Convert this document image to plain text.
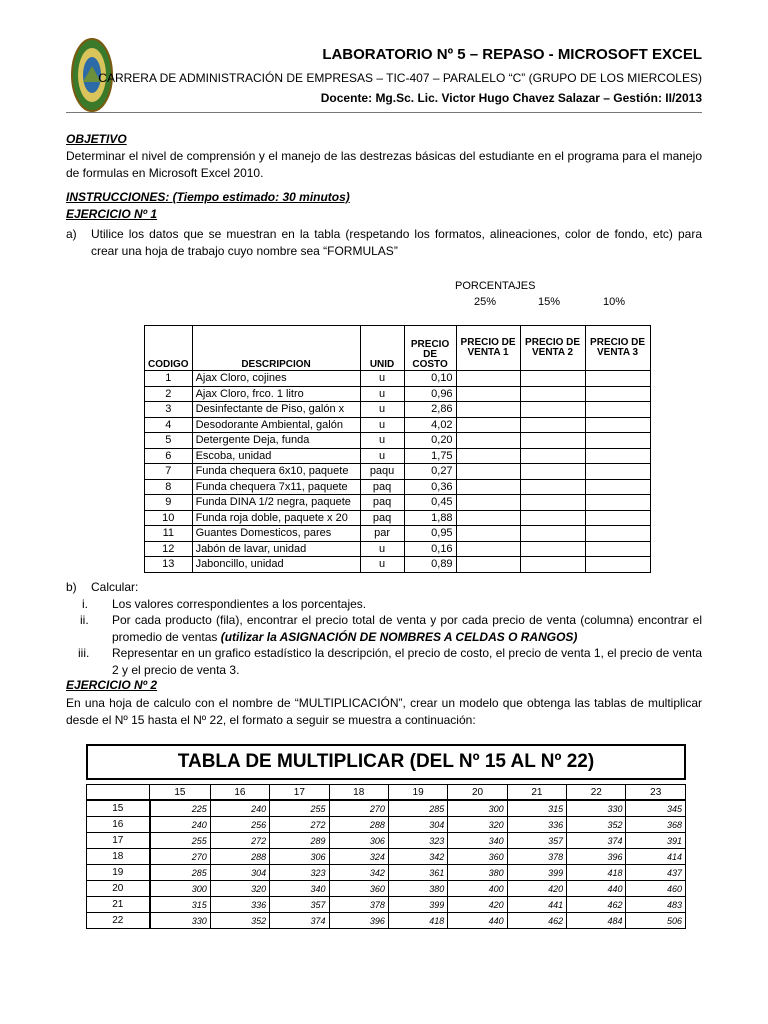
LABORATORIO Nº 5 – REPASO - MICROSOFT EXCEL
CARRERA DE ADMINISTRACIÓN DE EMPRESAS – TIC-407 – PARALELO “C” (GRUPO DE LOS MIERCOLES)
Docente: Mg.Sc. Lic. Victor Hugo Chavez Salazar – Gestión: II/2013
OBJETIVO
Determinar el nivel de comprensión y el manejo de las destrezas básicas del estudiante en el programa para el manejo de formulas en Microsoft Excel 2010.
INSTRUCCIONES: (Tiempo estimado: 30 minutos)
EJERCICIO Nº 1
a) Utilice los datos que se muestran en la tabla (respetando los formatos, alineaciones, color de fondo, etc) para crear una hoja de trabajo cuyo nombre sea “FORMULAS”
PORCENTAJES
25%	15%	10%
CODIGO	DESCRIPCION	UNID	PRECIO DE COSTO	PRECIO DE VENTA 1	PRECIO DE VENTA 2	PRECIO DE VENTA 3
1	Ajax Cloro, cojines	u	0,10			
2	Ajax Cloro, frco. 1 litro	u	0,96			
3	Desinfectante de Piso, galón x	u	2,86			
4	Desodorante Ambiental, galón	u	4,02			
5	Detergente Deja, funda	u	0,20			
6	Escoba, unidad	u	1,75			
7	Funda chequera 6x10, paquete	paqu	0,27			
8	Funda chequera 7x11, paquete	paq	0,36			
9	Funda DINA 1/2 negra, paquete	paq	0,45			
10	Funda roja doble, paquete x 20	paq	1,88			
11	Guantes Domesticos, pares	par	0,95			
12	Jabón de lavar, unidad	u	0,16			
13	Jaboncillo, unidad	u	0,89			
b) Calcular:
i. Los valores correspondientes a los porcentajes.
ii. Por cada producto (fila), encontrar el precio total de venta y por cada precio de venta (columna) encontrar el promedio de ventas (utilizar la ASIGNACIÓN DE NOMBRES A CELDAS O RANGOS)
iii. Representar en un grafico estadístico la descripción, el precio de costo, el precio de venta 1, el precio de venta 2 y el precio de venta 3.
EJERCICIO Nº 2
En una hoja de calculo con el nombre de “MULTIPLICACIÓN”, crear un modelo que obtenga las tablas de multiplicar desde el Nº 15 hasta el Nº 22, el formato a seguir se muestra a continuación:
TABLA DE MULTIPLICAR (DEL Nº 15 AL Nº 22)
	15	16	17	18	19	20	21	22	23
15	225	240	255	270	285	300	315	330	345
16	240	256	272	288	304	320	336	352	368
17	255	272	289	306	323	340	357	374	391
18	270	288	306	324	342	360	378	396	414
19	285	304	323	342	361	380	399	418	437
20	300	320	340	360	380	400	420	440	460
21	315	336	357	378	399	420	441	462	483
22	330	352	374	396	418	440	462	484	506
